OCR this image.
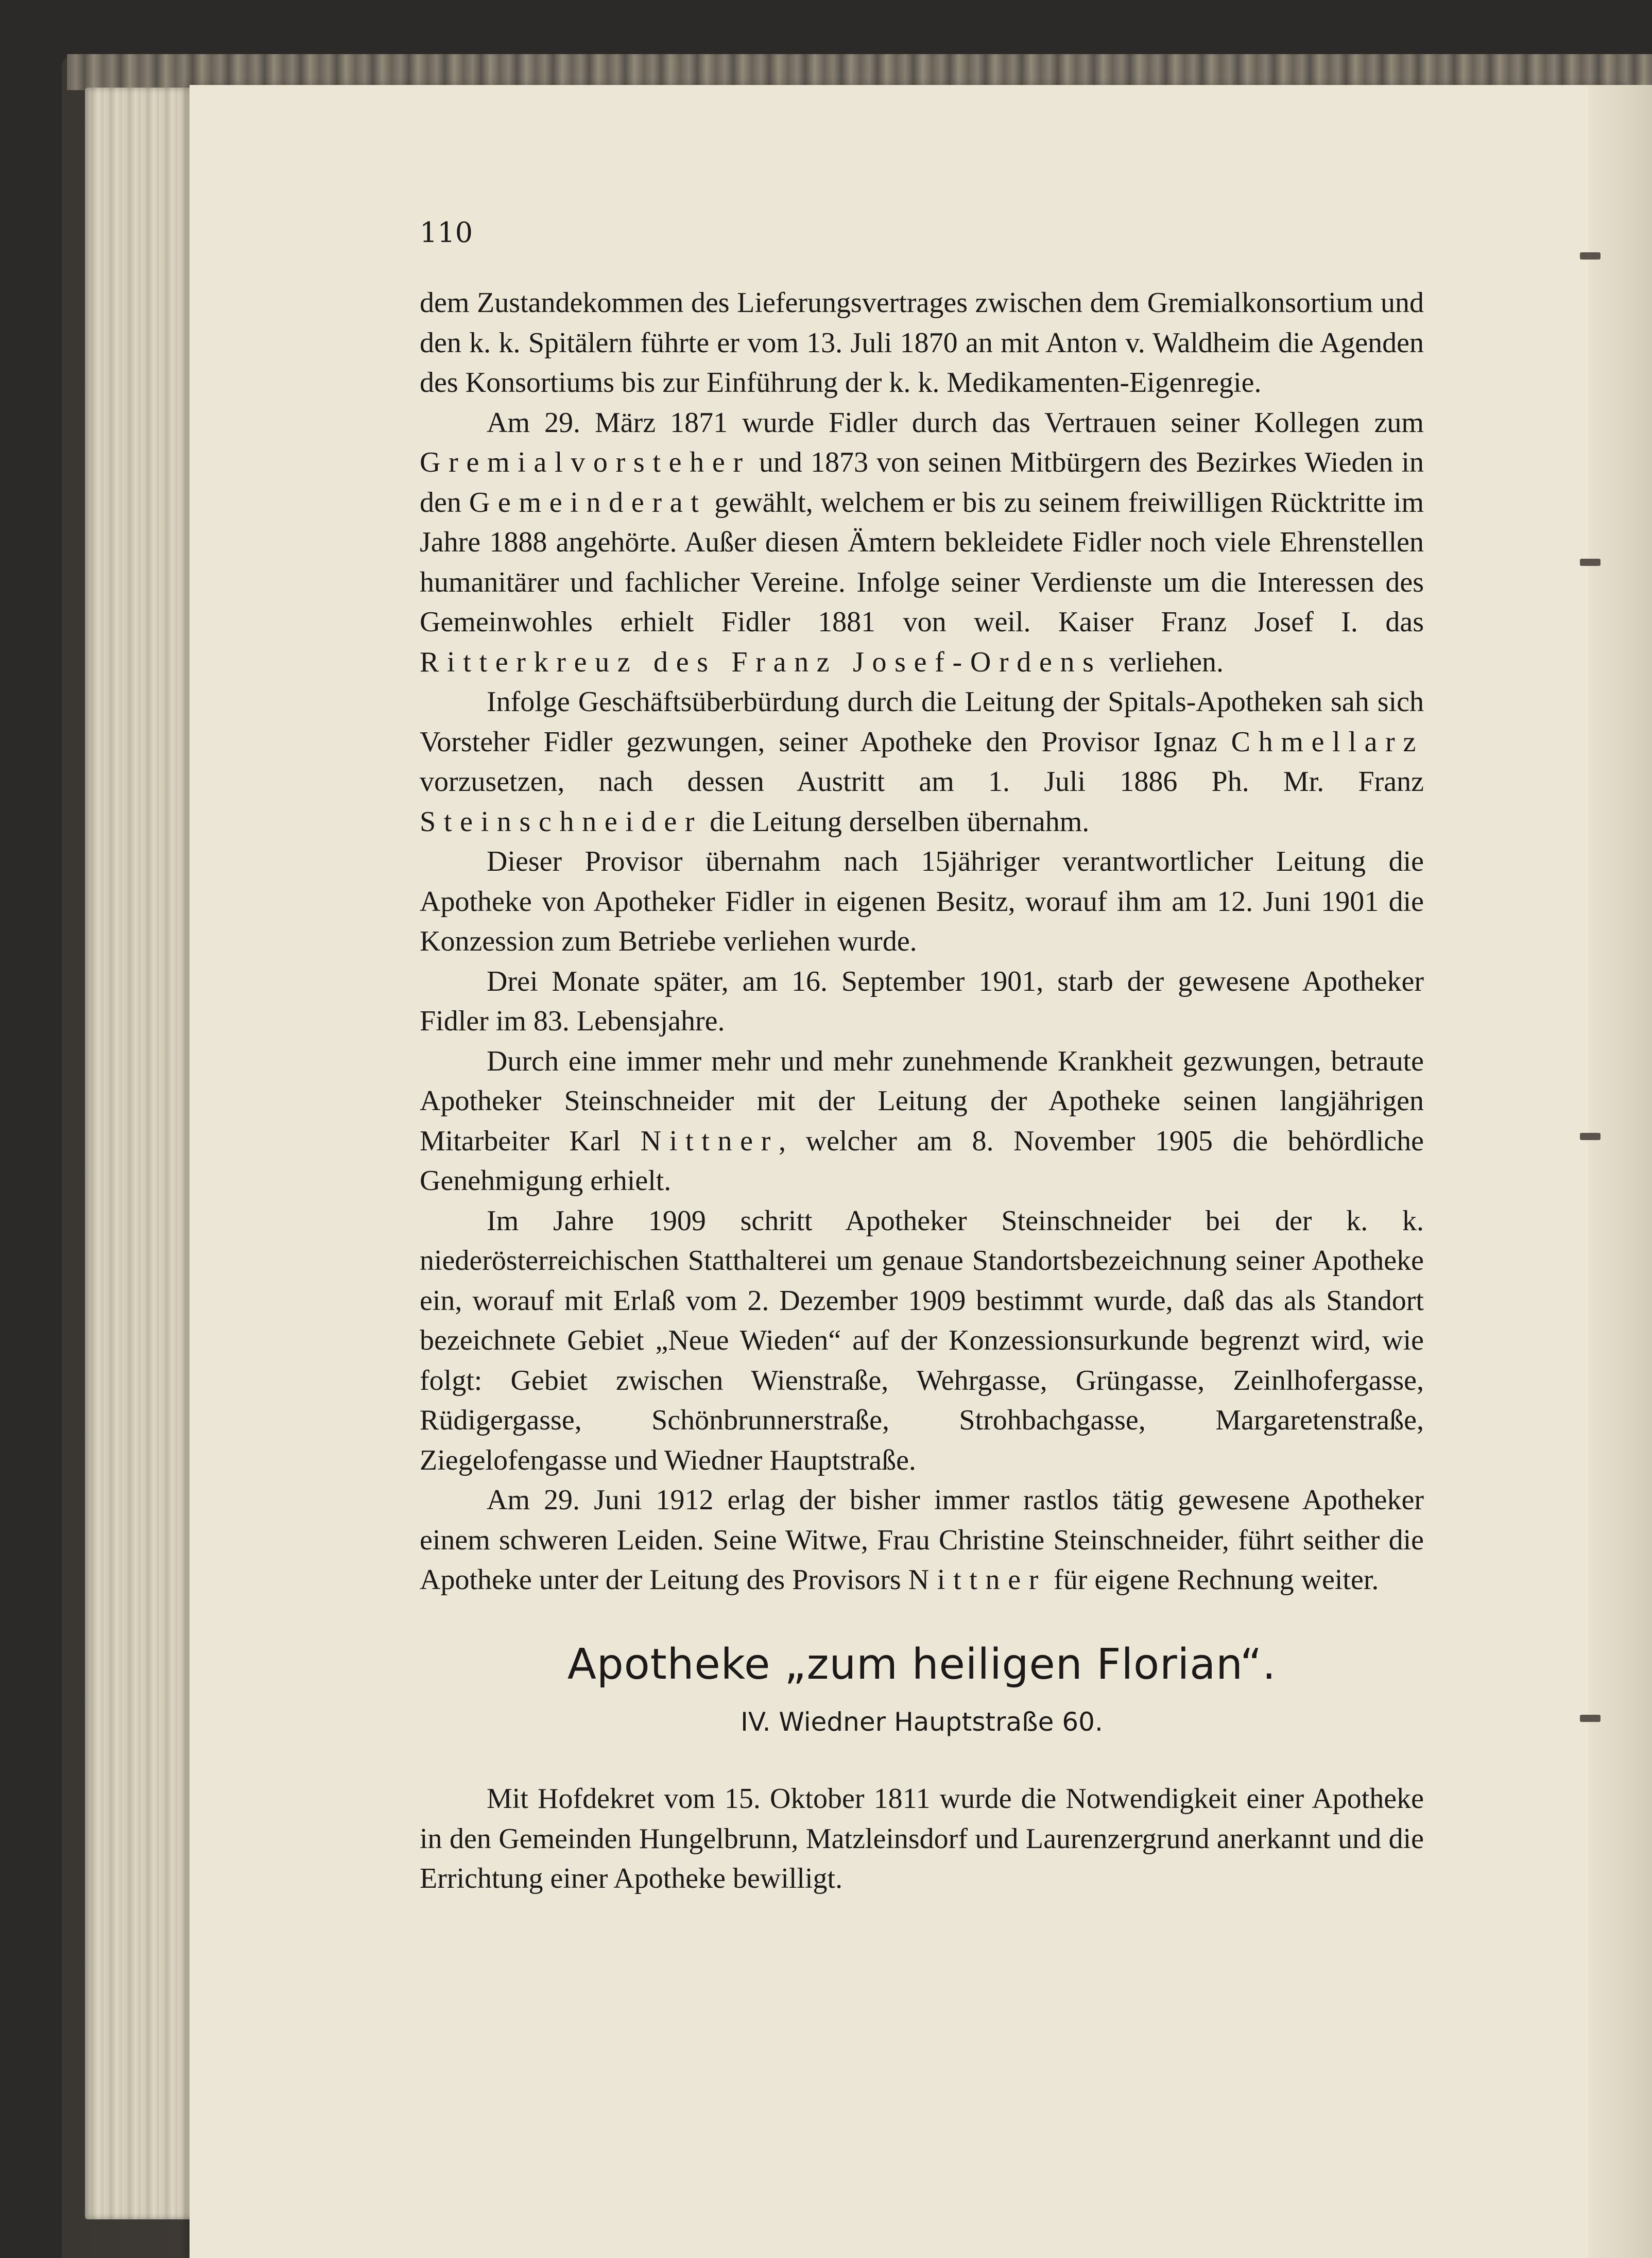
110

dem Zustandekommen des Lieferungsvertrages zwischen dem Gremialkonsortium und den k. k. Spitälern führte er vom 13. Juli 1870 an mit Anton v. Waldheim die Agenden des Konsortiums bis zur Einführung der k. k. Medikamenten-Eigenregie.

Am 29. März 1871 wurde Fidler durch das Vertrauen seiner Kollegen zum Gremialvorsteher und 1873 von seinen Mitbürgern des Bezirkes Wieden in den Gemeinderat gewählt, welchem er bis zu seinem freiwilligen Rücktritte im Jahre 1888 angehörte. Außer diesen Ämtern bekleidete Fidler noch viele Ehrenstellen humanitärer und fachlicher Vereine. Infolge seiner Verdienste um die Interessen des Gemeinwohles erhielt Fidler 1881 von weil. Kaiser Franz Josef I. das Ritterkreuz des Franz Josef-Ordens verliehen.

Infolge Geschäftsüberbürdung durch die Leitung der Spitals-Apotheken sah sich Vorsteher Fidler gezwungen, seiner Apotheke den Provisor Ignaz Chmellarz vorzusetzen, nach dessen Austritt am 1. Juli 1886 Ph. Mr. Franz Steinschneider die Leitung derselben übernahm.

Dieser Provisor übernahm nach 15jähriger verantwortlicher Leitung die Apotheke von Apotheker Fidler in eigenen Besitz, worauf ihm am 12. Juni 1901 die Konzession zum Betriebe verliehen wurde.

Drei Monate später, am 16. September 1901, starb der gewesene Apotheker Fidler im 83. Lebensjahre.

Durch eine immer mehr und mehr zunehmende Krankheit gezwungen, betraute Apotheker Steinschneider mit der Leitung der Apotheke seinen langjährigen Mitarbeiter Karl Nittner, welcher am 8. November 1905 die behördliche Genehmigung erhielt.

Im Jahre 1909 schritt Apotheker Steinschneider bei der k. k. niederösterreichischen Statthalterei um genaue Standortsbezeichnung seiner Apotheke ein, worauf mit Erlaß vom 2. Dezember 1909 bestimmt wurde, daß das als Standort bezeichnete Gebiet „Neue Wieden“ auf der Konzessionsurkunde begrenzt wird, wie folgt: Gebiet zwischen Wienstraße, Wehrgasse, Grüngasse, Zeinlhofergasse, Rüdigergasse, Schönbrunnerstraße, Strohbachgasse, Margaretenstraße, Ziegelofengasse und Wiedner Hauptstraße.

Am 29. Juni 1912 erlag der bisher immer rastlos tätig gewesene Apotheker einem schweren Leiden. Seine Witwe, Frau Christine Steinschneider, führt seither die Apotheke unter der Leitung des Provisors Nittner für eigene Rechnung weiter.

Apotheke „zum heiligen Florian“.
IV. Wiedner Hauptstraße 60.

Mit Hofdekret vom 15. Oktober 1811 wurde die Notwendigkeit einer Apotheke in den Gemeinden Hungelbrunn, Matzleinsdorf und Laurenzergrund anerkannt und die Errichtung einer Apotheke bewilligt.
